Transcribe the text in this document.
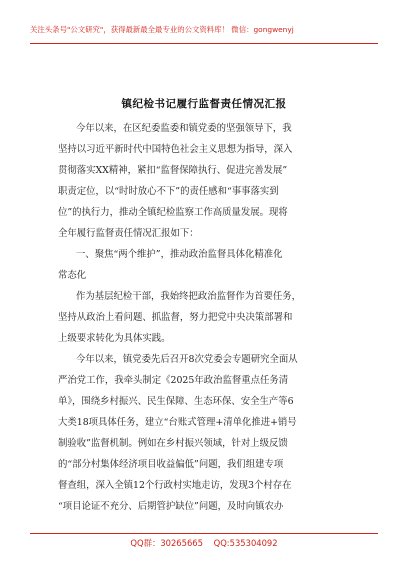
关注头条号"公文研究"，获得最新最全最专业的公文资料库！ 微信：gongwenyj
镇纪检书记履行监督责任情况汇报
今年以来，在区纪委监委和镇党委的坚强领导下，我
坚持以习近平新时代中国特色社会主义思想为指导，深入
贯彻落实XX精神，紧扣“监督保障执行、促进完善发展”
职责定位，以“时时放心不下”的责任感和“事事落实到
位”的执行力，推动全镇纪检监察工作高质量发展。现将
全年履行监督责任情况汇报如下：
一、聚焦“两个维护”，推动政治监督具体化精准化
常态化
作为基层纪检干部，我始终把政治监督作为首要任务，
坚持从政治上看问题、抓监督，努力把党中央决策部署和
上级要求转化为具体实践。
今年以来，镇党委先后召开8次党委会专题研究全面从
严治党工作，我牵头制定《2025年政治监督重点任务清
单》，围绕乡村振兴、民生保障、生态环保、安全生产等6
大类18项具体任务，建立“台账式管理+清单化推进+销号
制验收”监督机制。例如在乡村振兴领域，针对上级反馈
的“部分村集体经济项目收益偏低”问题，我们组建专项
督查组，深入全镇12个行政村实地走访，发现3个村存在
“项目论证不充分、后期管护缺位”问题，及时向镇农办
QQ群：30265665 QQ:535304092
